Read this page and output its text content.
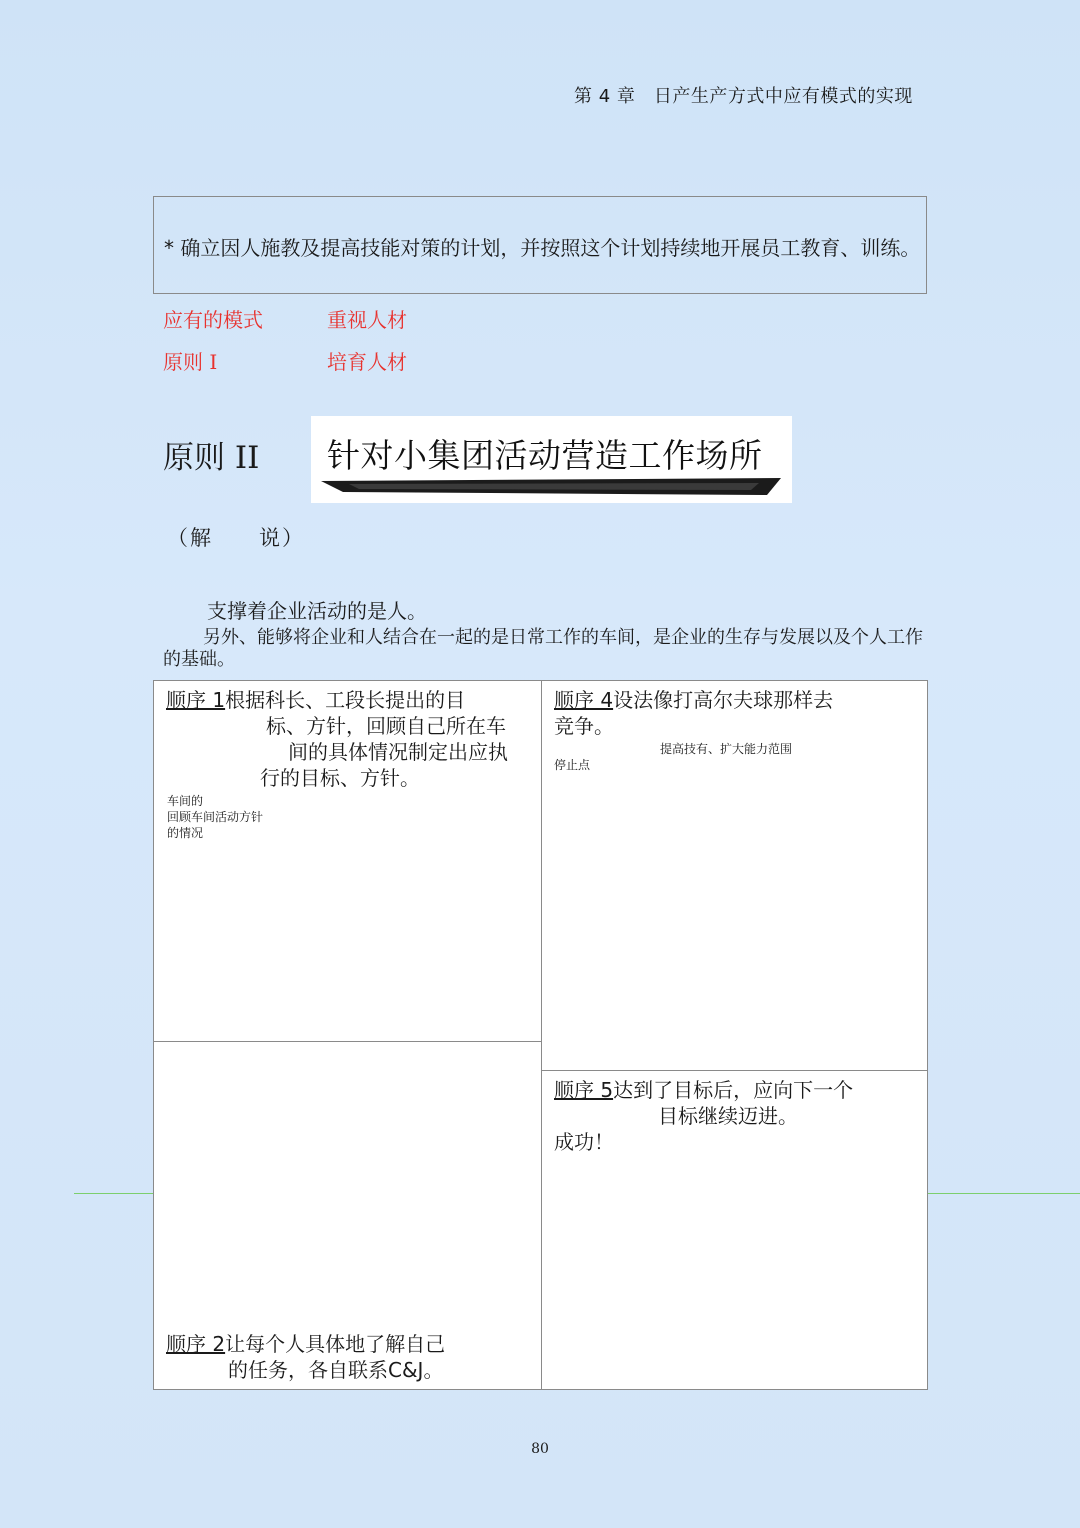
第 4 章　日产生产方式中应有模式的实现
* 确立因人施教及提高技能对策的计划，并按照这个计划持续地开展员工教育、训练。
应有的模式	重视人材
原则 I	培育人材
原则 II 针对小集团活动营造工作场所
（解　　说）
支撑着企业活动的是人。
另外、能够将企业和人结合在一起的是日常工作的车间，是企业的生存与发展以及个人工作的基础。
顺序 1根据科长、工段长提出的目
标、方针，回顾自己所在车
间的具体情况制定出应执
行的目标、方针。
车间的
回顾车间活动方针
的情况
顺序 2让每个人具体地了解自己
的任务，各自联系C&J。
顺序 4设法像打高尔夫球那样去
竞争。
提高技有、扩大能力范围
停止点
顺序 5达到了目标后，应向下一个
目标继续迈进。
成功！
80
